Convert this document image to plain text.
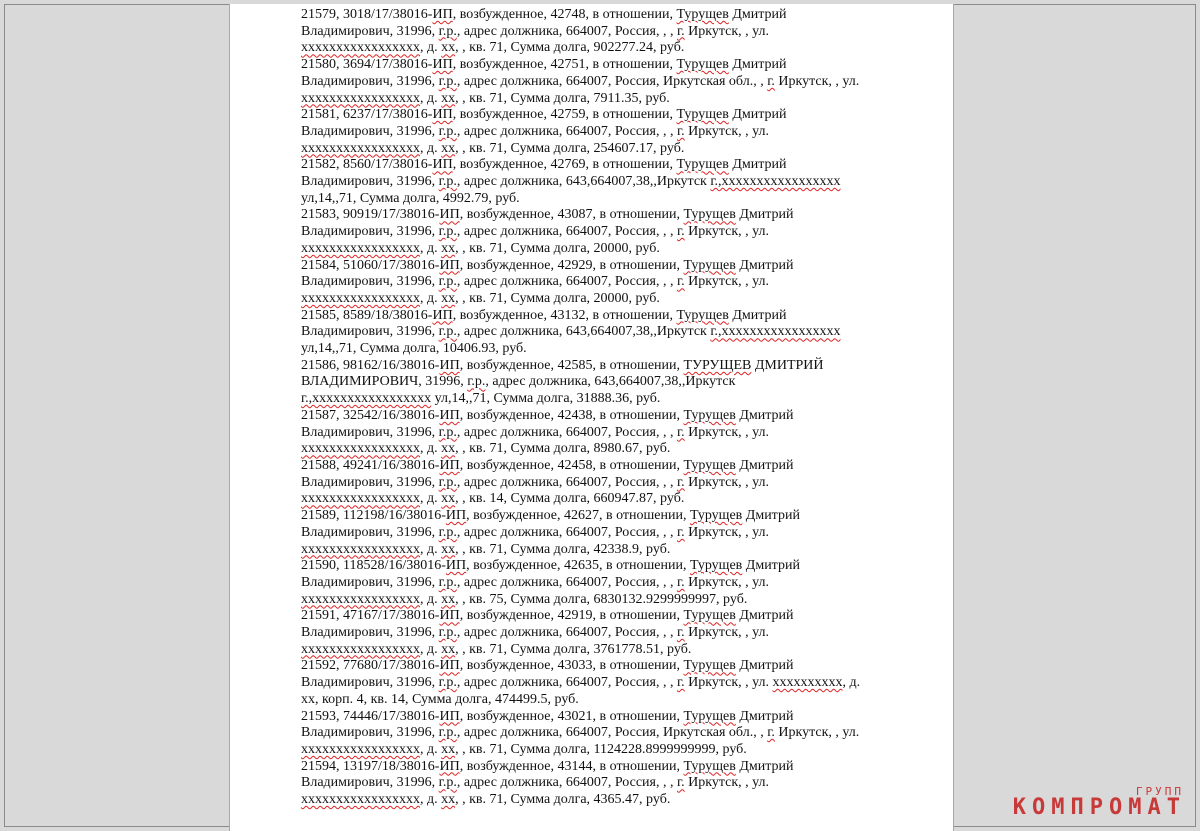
21579, 3018/17/38016-ИП, возбужденное, 42748, в отношении, Турущев Дмитрий
Владимирович, 31996, г.р., адрес должника, 664007, Россия, , , г. Иркутск, , ул.
xxxxxxxxxxxxxxxxx, д. xx, , кв. 71, Сумма долга, 902277.24, руб.
21580, 3694/17/38016-ИП, возбужденное, 42751, в отношении, Турущев Дмитрий
Владимирович, 31996, г.р., адрес должника, 664007, Россия, Иркутская обл., , г. Иркутск, , ул.
xxxxxxxxxxxxxxxxx, д. xx, , кв. 71, Сумма долга, 7911.35, руб.
21581, 6237/17/38016-ИП, возбужденное, 42759, в отношении, Турущев Дмитрий
Владимирович, 31996, г.р., адрес должника, 664007, Россия, , , г. Иркутск, , ул.
xxxxxxxxxxxxxxxxx, д. xx, , кв. 71, Сумма долга, 254607.17, руб.
21582, 8560/17/38016-ИП, возбужденное, 42769, в отношении, Турущев Дмитрий
Владимирович, 31996, г.р., адрес должника, 643,664007,38,,Иркутск г.,xxxxxxxxxxxxxxxxx
ул,14,,71, Сумма долга, 4992.79, руб.
21583, 90919/17/38016-ИП, возбужденное, 43087, в отношении, Турущев Дмитрий
Владимирович, 31996, г.р., адрес должника, 664007, Россия, , , г. Иркутск, , ул.
xxxxxxxxxxxxxxxxx, д. xx, , кв. 71, Сумма долга, 20000, руб.
21584, 51060/17/38016-ИП, возбужденное, 42929, в отношении, Турущев Дмитрий
Владимирович, 31996, г.р., адрес должника, 664007, Россия, , , г. Иркутск, , ул.
xxxxxxxxxxxxxxxxx, д. xx, , кв. 71, Сумма долга, 20000, руб.
21585, 8589/18/38016-ИП, возбужденное, 43132, в отношении, Турущев Дмитрий
Владимирович, 31996, г.р., адрес должника, 643,664007,38,,Иркутск г.,xxxxxxxxxxxxxxxxx
ул,14,,71, Сумма долга, 10406.93, руб.
21586, 98162/16/38016-ИП, возбужденное, 42585, в отношении, ТУРУЩЕВ ДМИТРИЙ
ВЛАДИМИРОВИЧ, 31996, г.р., адрес должника, 643,664007,38,,Иркутск
г.,xxxxxxxxxxxxxxxxx ул,14,,71, Сумма долга, 31888.36, руб.
21587, 32542/16/38016-ИП, возбужденное, 42438, в отношении, Турущев Дмитрий
Владимирович, 31996, г.р., адрес должника, 664007, Россия, , , г. Иркутск, , ул.
xxxxxxxxxxxxxxxxx, д. xx, , кв. 71, Сумма долга, 8980.67, руб.
21588, 49241/16/38016-ИП, возбужденное, 42458, в отношении, Турущев Дмитрий
Владимирович, 31996, г.р., адрес должника, 664007, Россия, , , г. Иркутск, , ул.
xxxxxxxxxxxxxxxxx, д. xx, , кв. 14, Сумма долга, 660947.87, руб.
21589, 112198/16/38016-ИП, возбужденное, 42627, в отношении, Турущев Дмитрий
Владимирович, 31996, г.р., адрес должника, 664007, Россия, , , г. Иркутск, , ул.
xxxxxxxxxxxxxxxxx, д. xx, , кв. 71, Сумма долга, 42338.9, руб.
21590, 118528/16/38016-ИП, возбужденное, 42635, в отношении, Турущев Дмитрий
Владимирович, 31996, г.р., адрес должника, 664007, Россия, , , г. Иркутск, , ул.
xxxxxxxxxxxxxxxxx, д. xx, , кв. 75, Сумма долга, 6830132.9299999997, руб.
21591, 47167/17/38016-ИП, возбужденное, 42919, в отношении, Турущев Дмитрий
Владимирович, 31996, г.р., адрес должника, 664007, Россия, , , г. Иркутск, , ул.
xxxxxxxxxxxxxxxxx, д. xx, , кв. 71, Сумма долга, 3761778.51, руб.
21592, 77680/17/38016-ИП, возбужденное, 43033, в отношении, Турущев Дмитрий
Владимирович, 31996, г.р., адрес должника, 664007, Россия, , , г. Иркутск, , ул. xxxxxxxxxx, д.
xx, корп. 4, кв. 14, Сумма долга, 474499.5, руб.
21593, 74446/17/38016-ИП, возбужденное, 43021, в отношении, Турущев Дмитрий
Владимирович, 31996, г.р., адрес должника, 664007, Россия, Иркутская обл., , г. Иркутск, , ул.
xxxxxxxxxxxxxxxxx, д. xx, , кв. 71, Сумма долга, 1124228.8999999999, руб.
21594, 13197/18/38016-ИП, возбужденное, 43144, в отношении, Турущев Дмитрий
Владимирович, 31996, г.р., адрес должника, 664007, Россия, , , г. Иркутск, , ул.
xxxxxxxxxxxxxxxxx, д. xx, , кв. 71, Сумма долга, 4365.47, руб.
ГРУПП
КОМПРОМАТ
